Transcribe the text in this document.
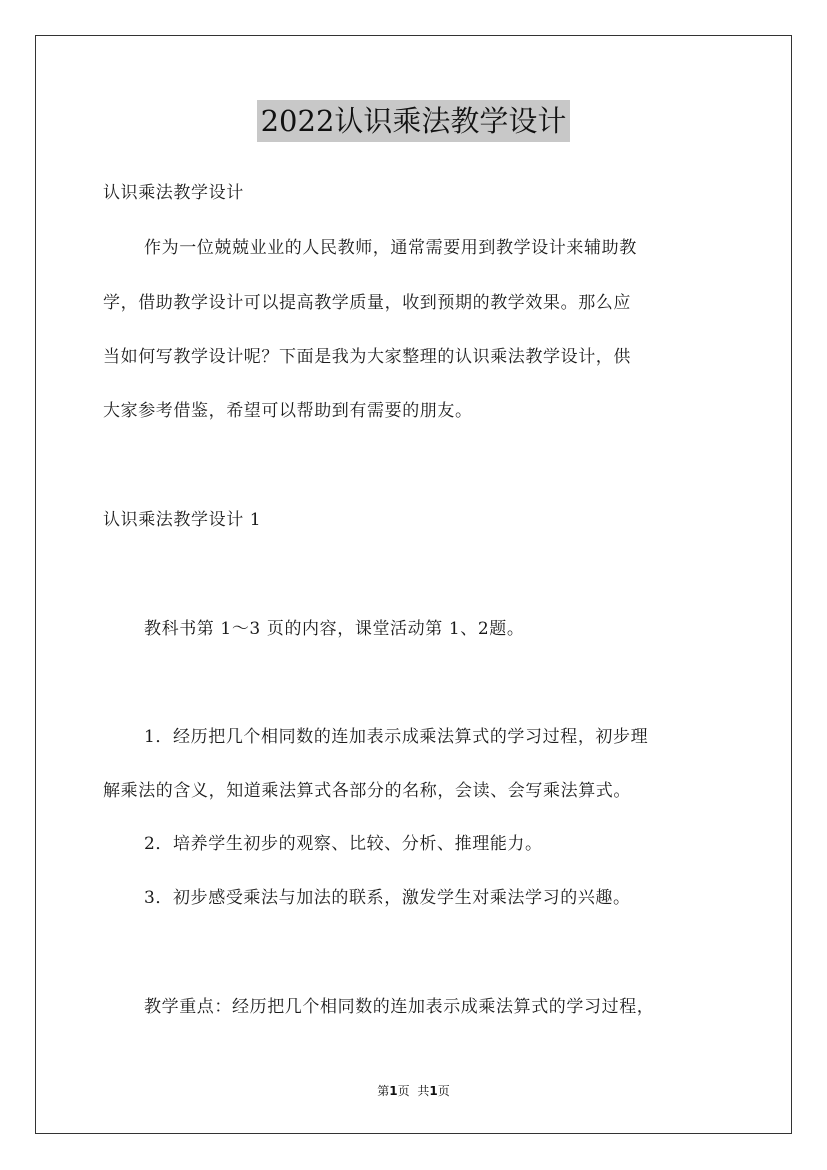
2022认识乘法教学设计
认识乘法教学设计
作为一位兢兢业业的人民教师，通常需要用到教学设计来辅助教
学，借助教学设计可以提高教学质量，收到预期的教学效果。那么应
当如何写教学设计呢？下面是我为大家整理的认识乘法教学设计，供
大家参考借鉴，希望可以帮助到有需要的朋友。
认识乘法教学设计 1
教科书第 1～3 页的内容，课堂活动第 1、2题。
1．经历把几个相同数的连加表示成乘法算式的学习过程，初步理
解乘法的含义，知道乘法算式各部分的名称，会读、会写乘法算式。
2．培养学生初步的观察、比较、分析、推理能力。
3．初步感受乘法与加法的联系，激发学生对乘法学习的兴趣。
教学重点：经历把几个相同数的连加表示成乘法算式的学习过程，
第1页 共1页
